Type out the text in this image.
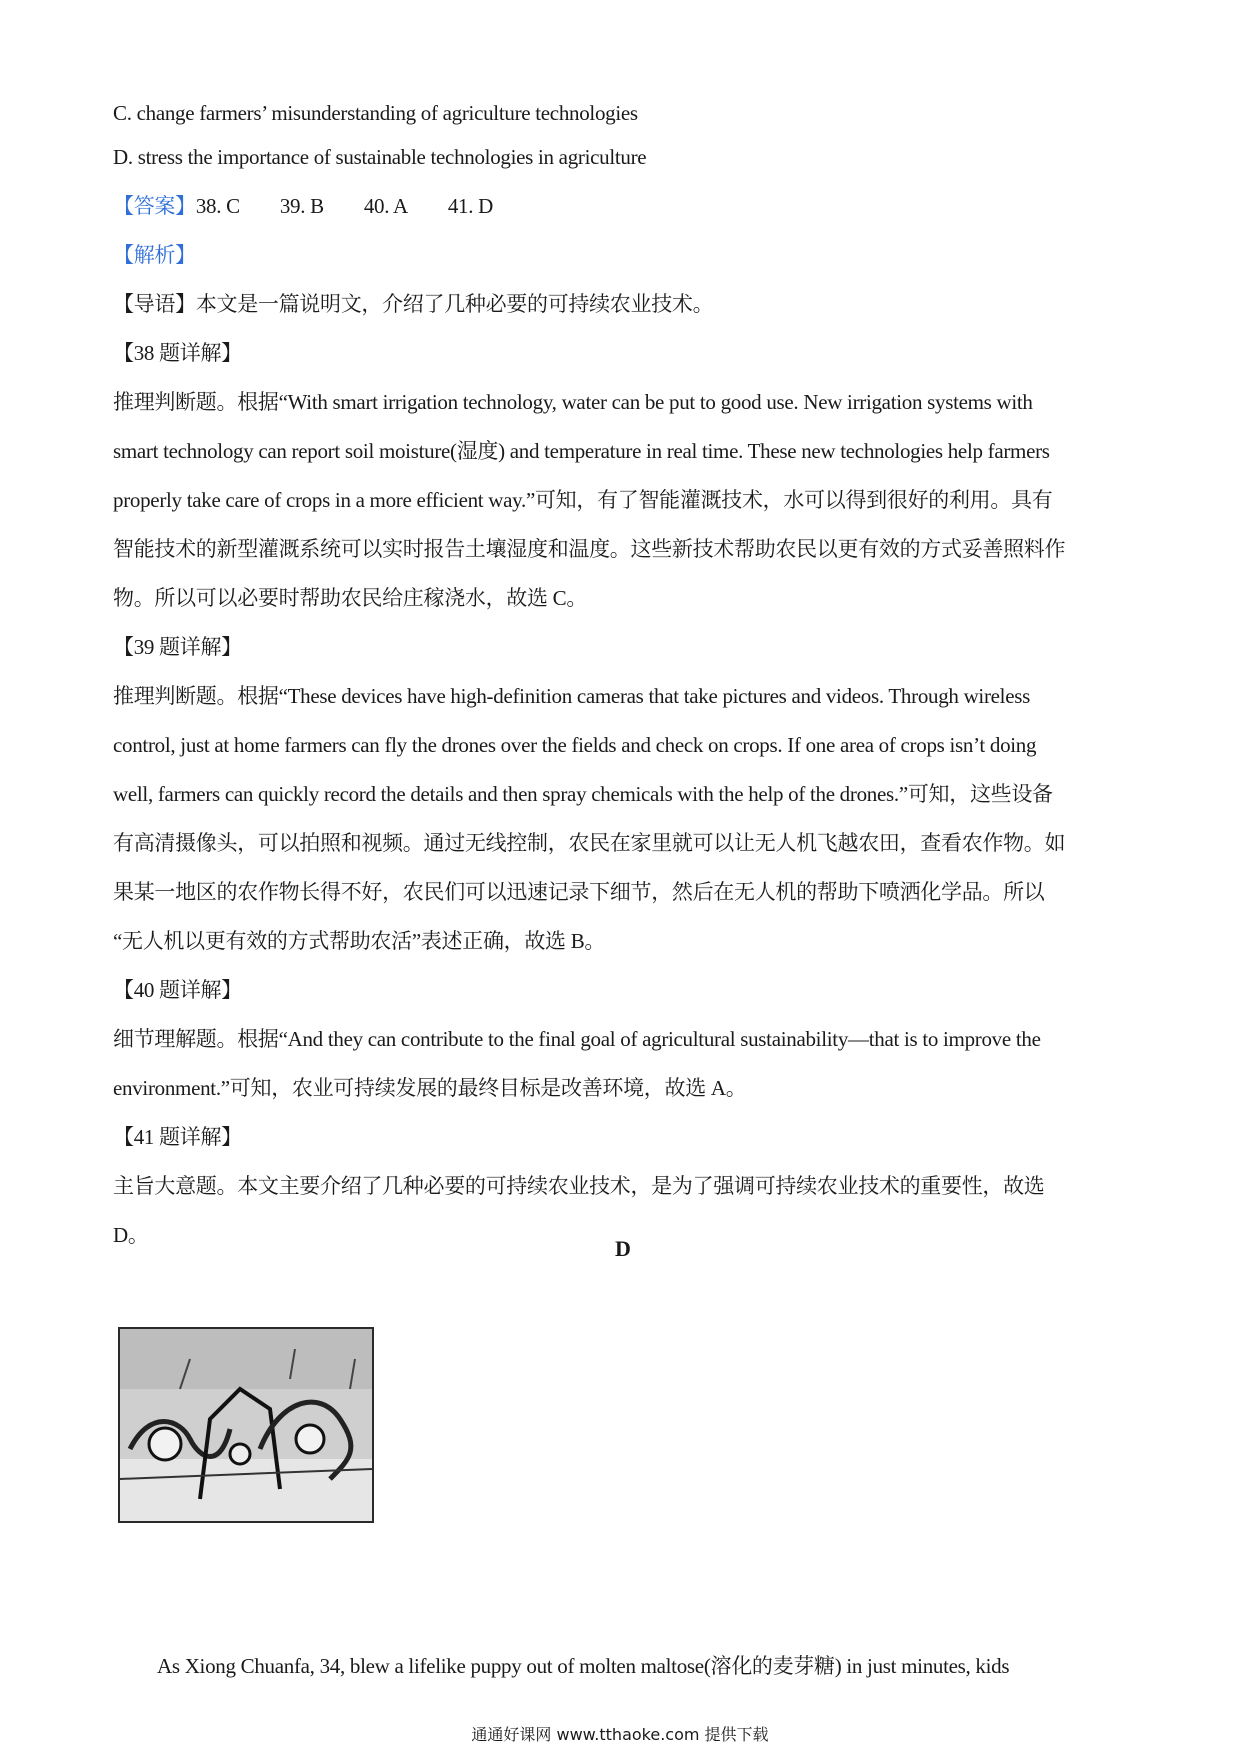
C. change farmers’ misunderstanding of agriculture technologies
D. stress the importance of sustainable technologies in agriculture
【答案】38. C 39. B 40. A 41. D
【解析】
【导语】本文是一篇说明文，介绍了几种必要的可持续农业技术。
【38 题详解】
推理判断题。根据“With smart irrigation technology, water can be put to good use. New irrigation systems with
smart technology can report soil moisture(湿度) and temperature in real time. These new technologies help farmers
properly take care of crops in a more efficient way.”可知，有了智能灌溉技术，水可以得到很好的利用。具有
智能技术的新型灌溉系统可以实时报告土壤湿度和温度。这些新技术帮助农民以更有效的方式妥善照料作
物。所以可以必要时帮助农民给庄稼浇水，故选 C。
【39 题详解】
推理判断题。根据“These devices have high-definition cameras that take pictures and videos. Through wireless
control, just at home farmers can fly the drones over the fields and check on crops. If one area of crops isn’t doing
well, farmers can quickly record the details and then spray chemicals with the help of the drones.”可知，这些设备
有高清摄像头，可以拍照和视频。通过无线控制，农民在家里就可以让无人机飞越农田，查看农作物。如
果某一地区的农作物长得不好，农民们可以迅速记录下细节，然后在无人机的帮助下喷洒化学品。所以
“无人机以更有效的方式帮助农活”表述正确，故选 B。
【40 题详解】
细节理解题。根据“And they can contribute to the final goal of agricultural sustainability—that is to improve the
environment.”可知，农业可持续发展的最终目标是改善环境，故选 A。
【41 题详解】
主旨大意题。本文主要介绍了几种必要的可持续农业技术，是为了强调可持续农业技术的重要性，故选
D。
D
As Xiong Chuanfa, 34, blew a lifelike puppy out of molten maltose(溶化的麦芽糖) in just minutes, kids
通通好课网 www.tthaoke.com 提供下载
